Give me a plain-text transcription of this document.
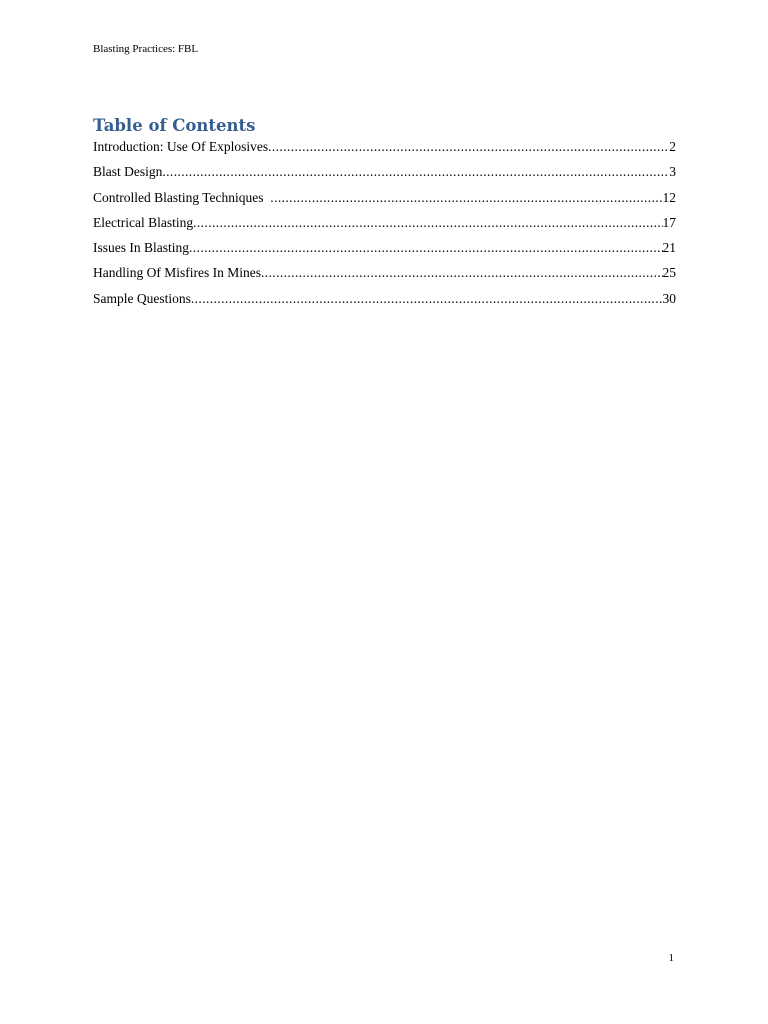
Blasting Practices: FBL
Table of Contents
Introduction: Use Of Explosives .....	2
Blast Design .....	3
Controlled Blasting Techniques .....	12
Electrical Blasting .....	17
Issues In Blasting .....	21
Handling Of Misfires In Mines .....	25
Sample Questions .....	30
1
